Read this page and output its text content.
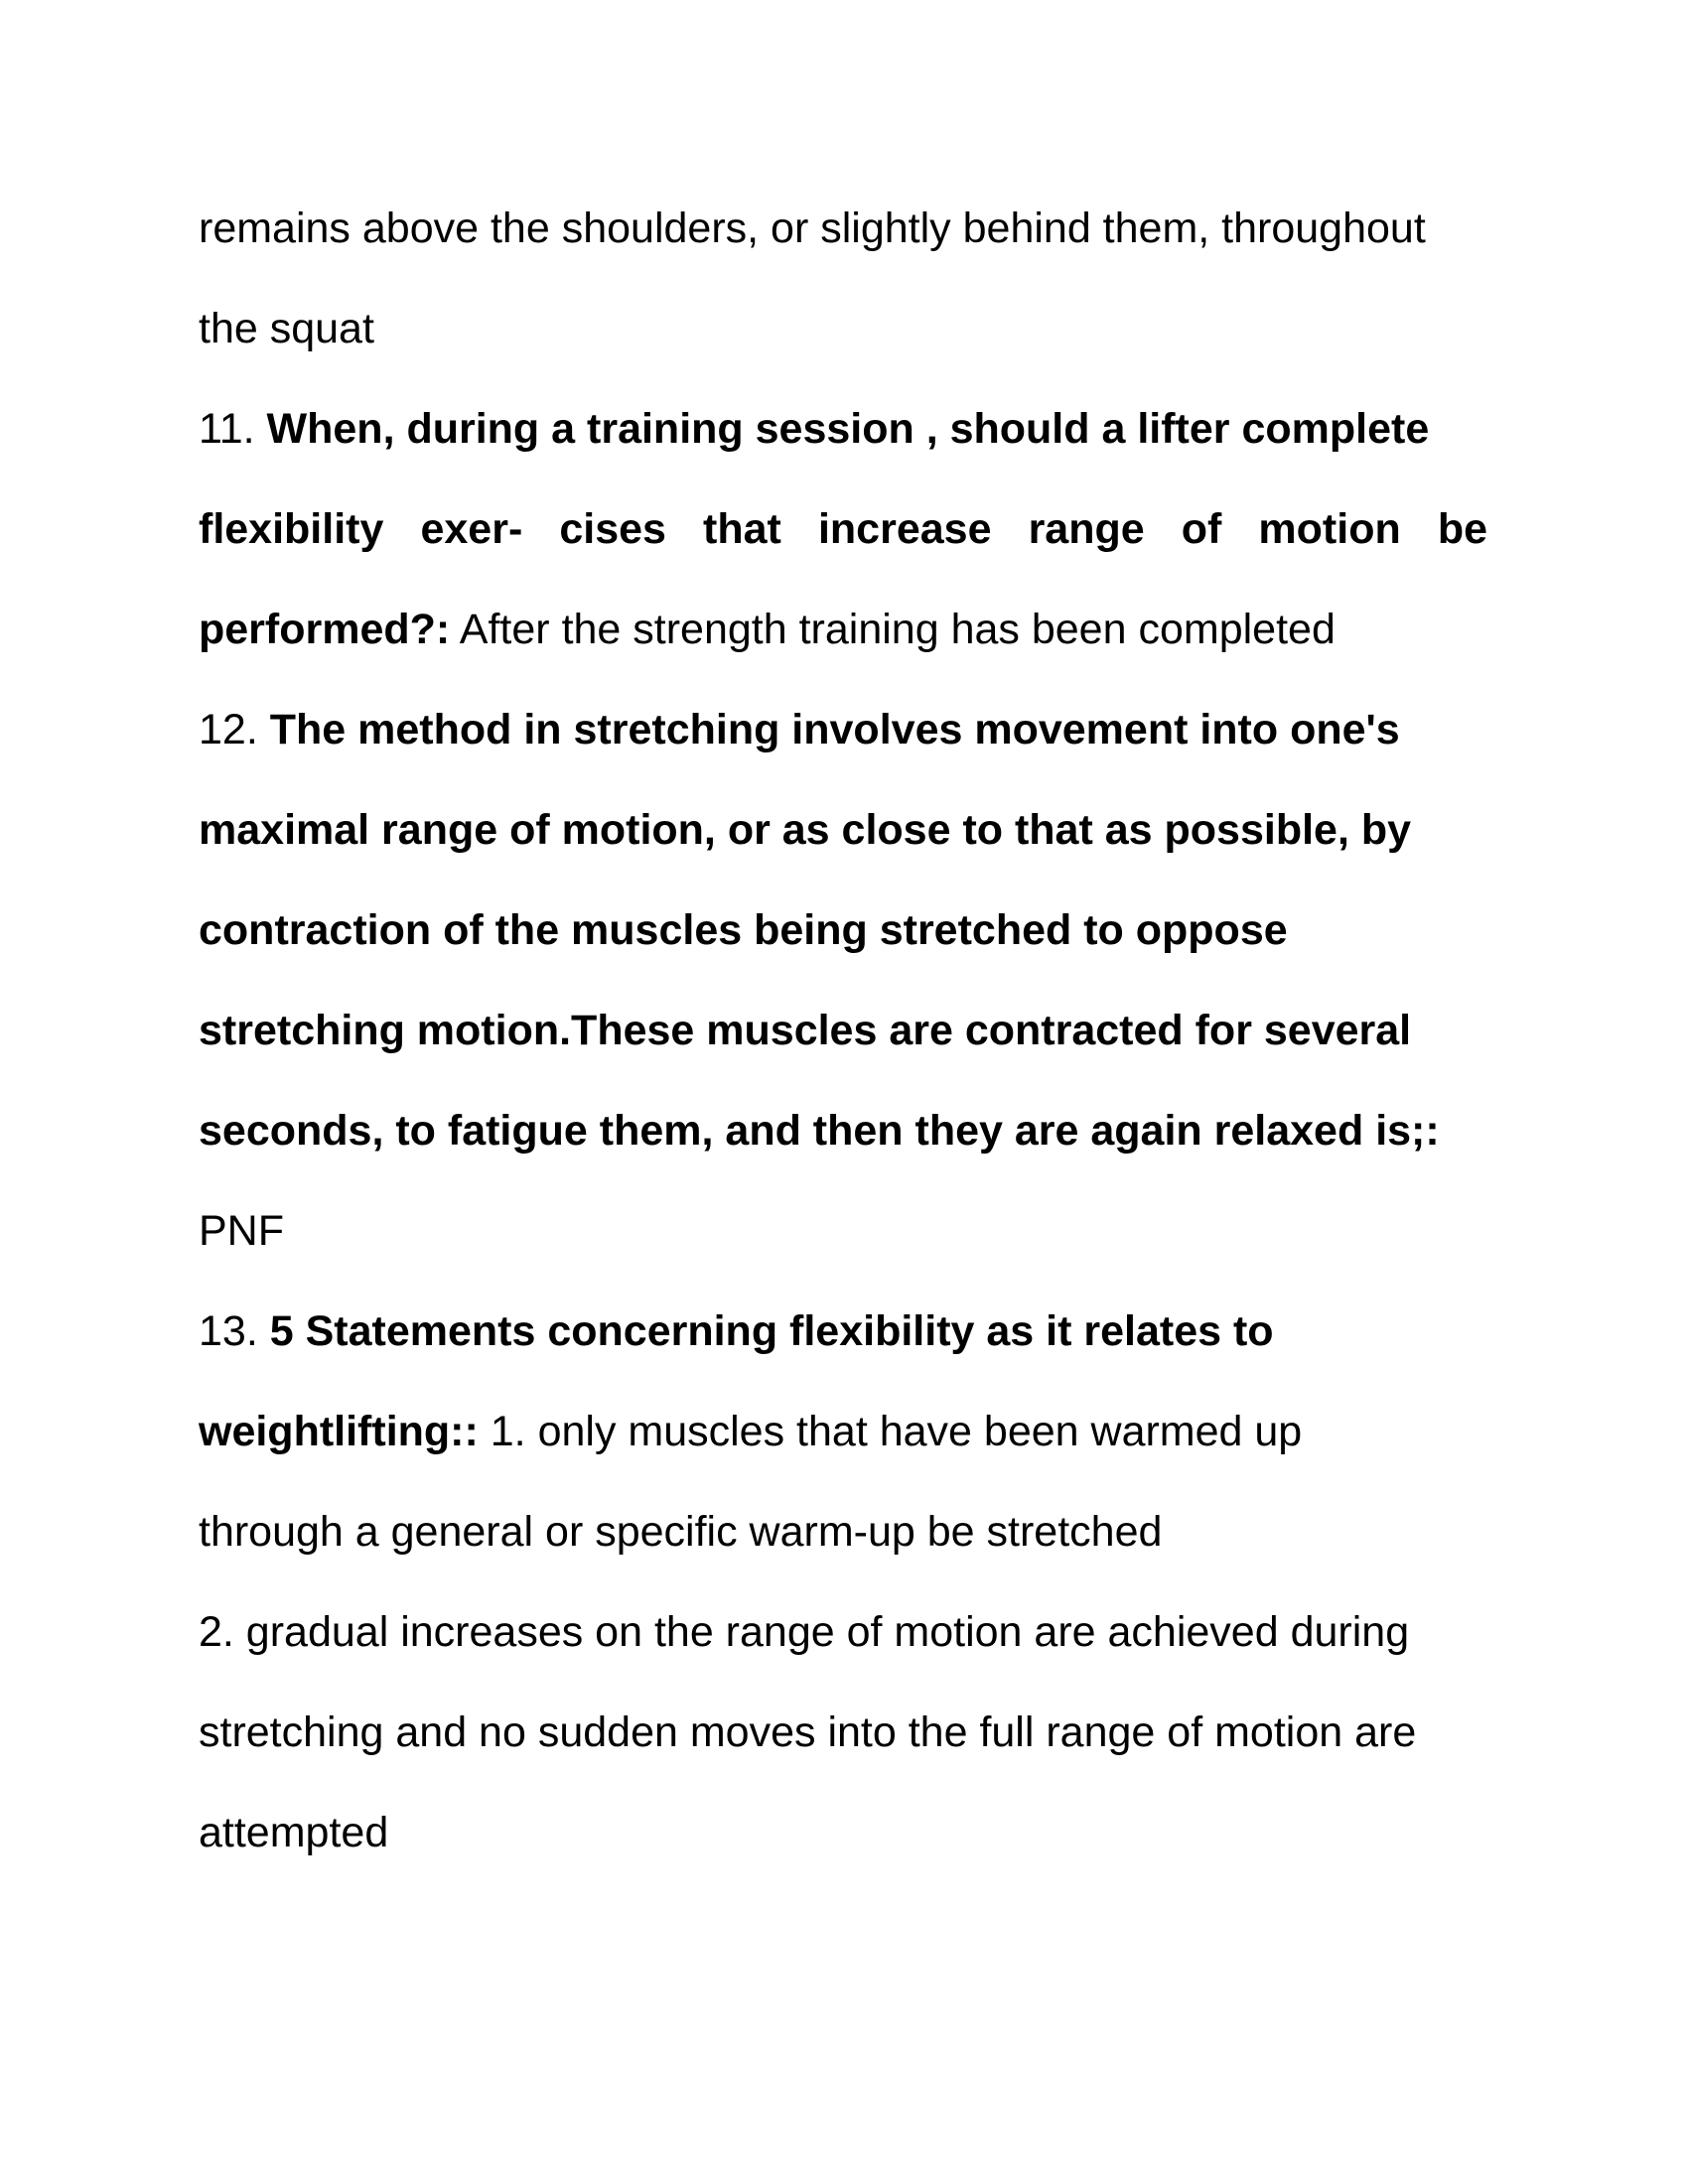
remains above the shoulders, or slightly behind them, throughout
the squat
11. When, during a training session , should a lifter complete
flexibility exer- cises that increase range of motion be
performed?: After the strength training has been completed
12. The method in stretching involves movement into one's
maximal range of motion, or as close to that as possible, by
contraction of the muscles being stretched to oppose
stretching motion.These muscles are contracted for several
seconds, to fatigue them, and then they are again relaxed is;:
PNF
13. 5 Statements concerning flexibility as it relates to
weightlifting:: 1. only muscles that have been warmed up
through a general or specific warm-up be stretched
2. gradual increases on the range of motion are achieved during
stretching and no sudden moves into the full range of motion are
attempted
